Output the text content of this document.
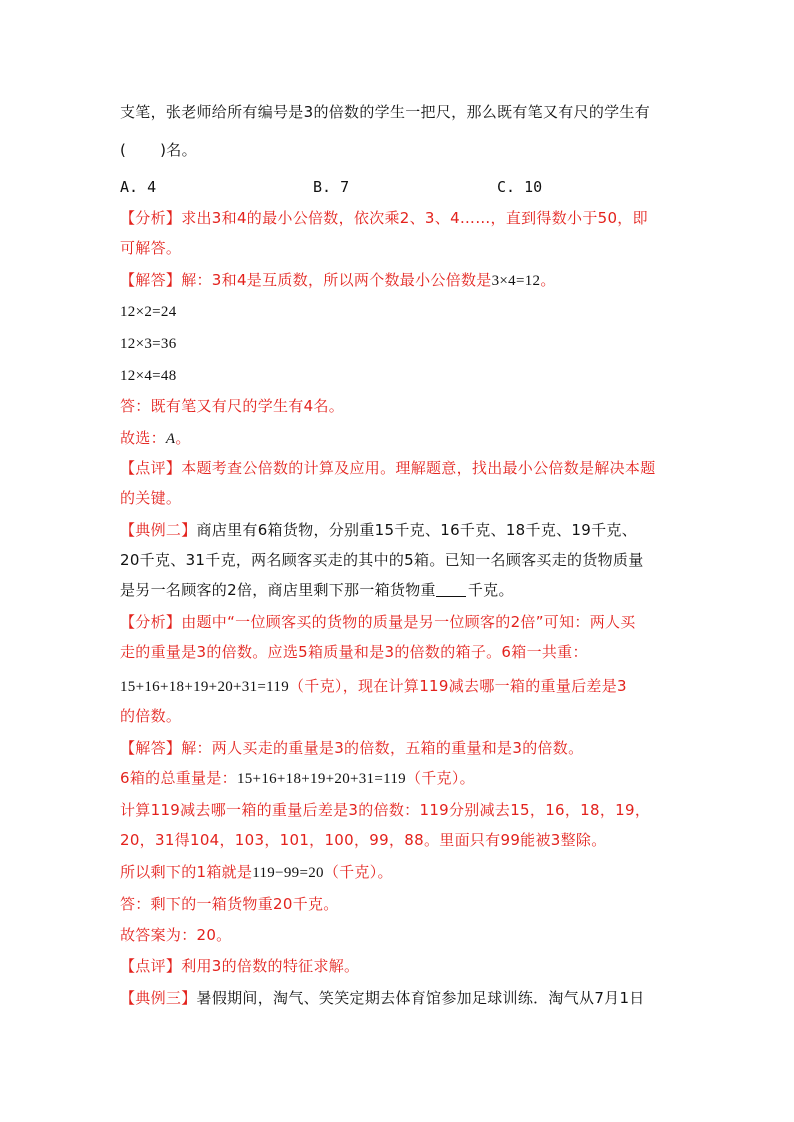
支笔，张老师给所有编号是3的倍数的学生一把尺，那么既有笔又有尺的学生有
( )名。
A. 4	B. 7	C. 10
【分析】求出3和4的最小公倍数，依次乘2、3、4……，直到得数小于50，即
可解答。
【解答】解：3和4是互质数，所以两个数最小公倍数是3×4=12。
12×2=24
12×3=36
12×4=48
答：既有笔又有尺的学生有4名。
故选：A。
【点评】本题考查公倍数的计算及应用。理解题意，找出最小公倍数是解决本题
的关键。
【典例二】商店里有6箱货物，分别重15千克、16千克、18千克、19千克、
20千克、31千克，两名顾客买走的其中的5箱。已知一名顾客买走的货物质量
是另一名顾客的2倍，商店里剩下那一箱货物重 千克。
【分析】由题中“一位顾客买的货物的质量是另一位顾客的2倍”可知：两人买
走的重量是3的倍数。应选5箱质量和是3的倍数的箱子。6箱一共重：
15+16+18+19+20+31=119（千克），现在计算119减去哪一箱的重量后差是3
的倍数。
【解答】解：两人买走的重量是3的倍数，五箱的重量和是3的倍数。
6箱的总重量是：15+16+18+19+20+31=119（千克）。
计算119减去哪一箱的重量后差是3的倍数：119分别减去15，16，18，19，
20，31得104，103，101，100，99，88。里面只有99能被3整除。
所以剩下的1箱就是119−99=20（千克）。
答：剩下的一箱货物重20千克。
故答案为：20。
【点评】利用3的倍数的特征求解。
【典例三】暑假期间，淘气、笑笑定期去体育馆参加足球训练．淘气从7月1日
